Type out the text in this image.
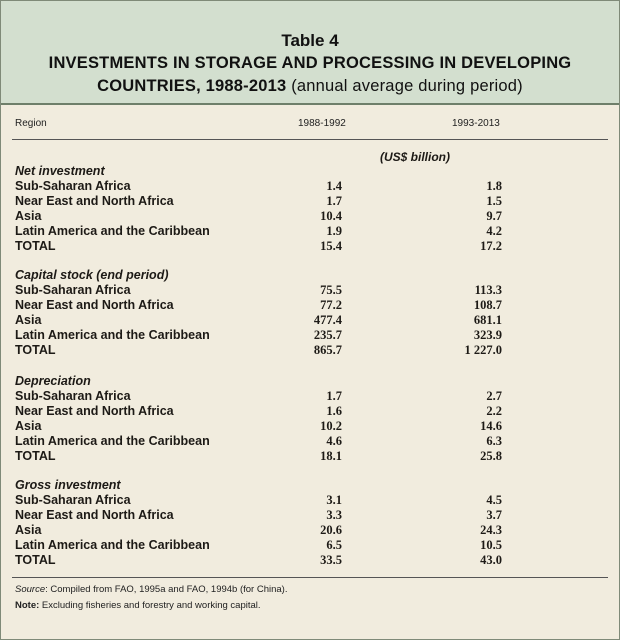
Table 4
INVESTMENTS IN STORAGE AND PROCESSING IN DEVELOPING
COUNTRIES, 1988-2013 (annual average during period)
Region	1988-1992	1993-2013
(US$ billion)
Net investment
Sub-Saharan Africa	1.4	1.8
Near East and North Africa	1.7	1.5
Asia	10.4	9.7
Latin America and the Caribbean	1.9	4.2
TOTAL	15.4	17.2
Capital stock (end period)
Sub-Saharan Africa	75.5	113.3
Near East and North Africa	77.2	108.7
Asia	477.4	681.1
Latin America and the Caribbean	235.7	323.9
TOTAL	865.7	1 227.0
Depreciation
Sub-Saharan Africa	1.7	2.7
Near East and North Africa	1.6	2.2
Asia	10.2	14.6
Latin America and the Caribbean	4.6	6.3
TOTAL	18.1	25.8
Gross investment
Sub-Saharan Africa	3.1	4.5
Near East and North Africa	3.3	3.7
Asia	20.6	24.3
Latin America and the Caribbean	6.5	10.5
TOTAL	33.5	43.0
Source: Compiled from FAO, 1995a and FAO, 1994b (for China).
Note: Excluding fisheries and forestry and working capital.
